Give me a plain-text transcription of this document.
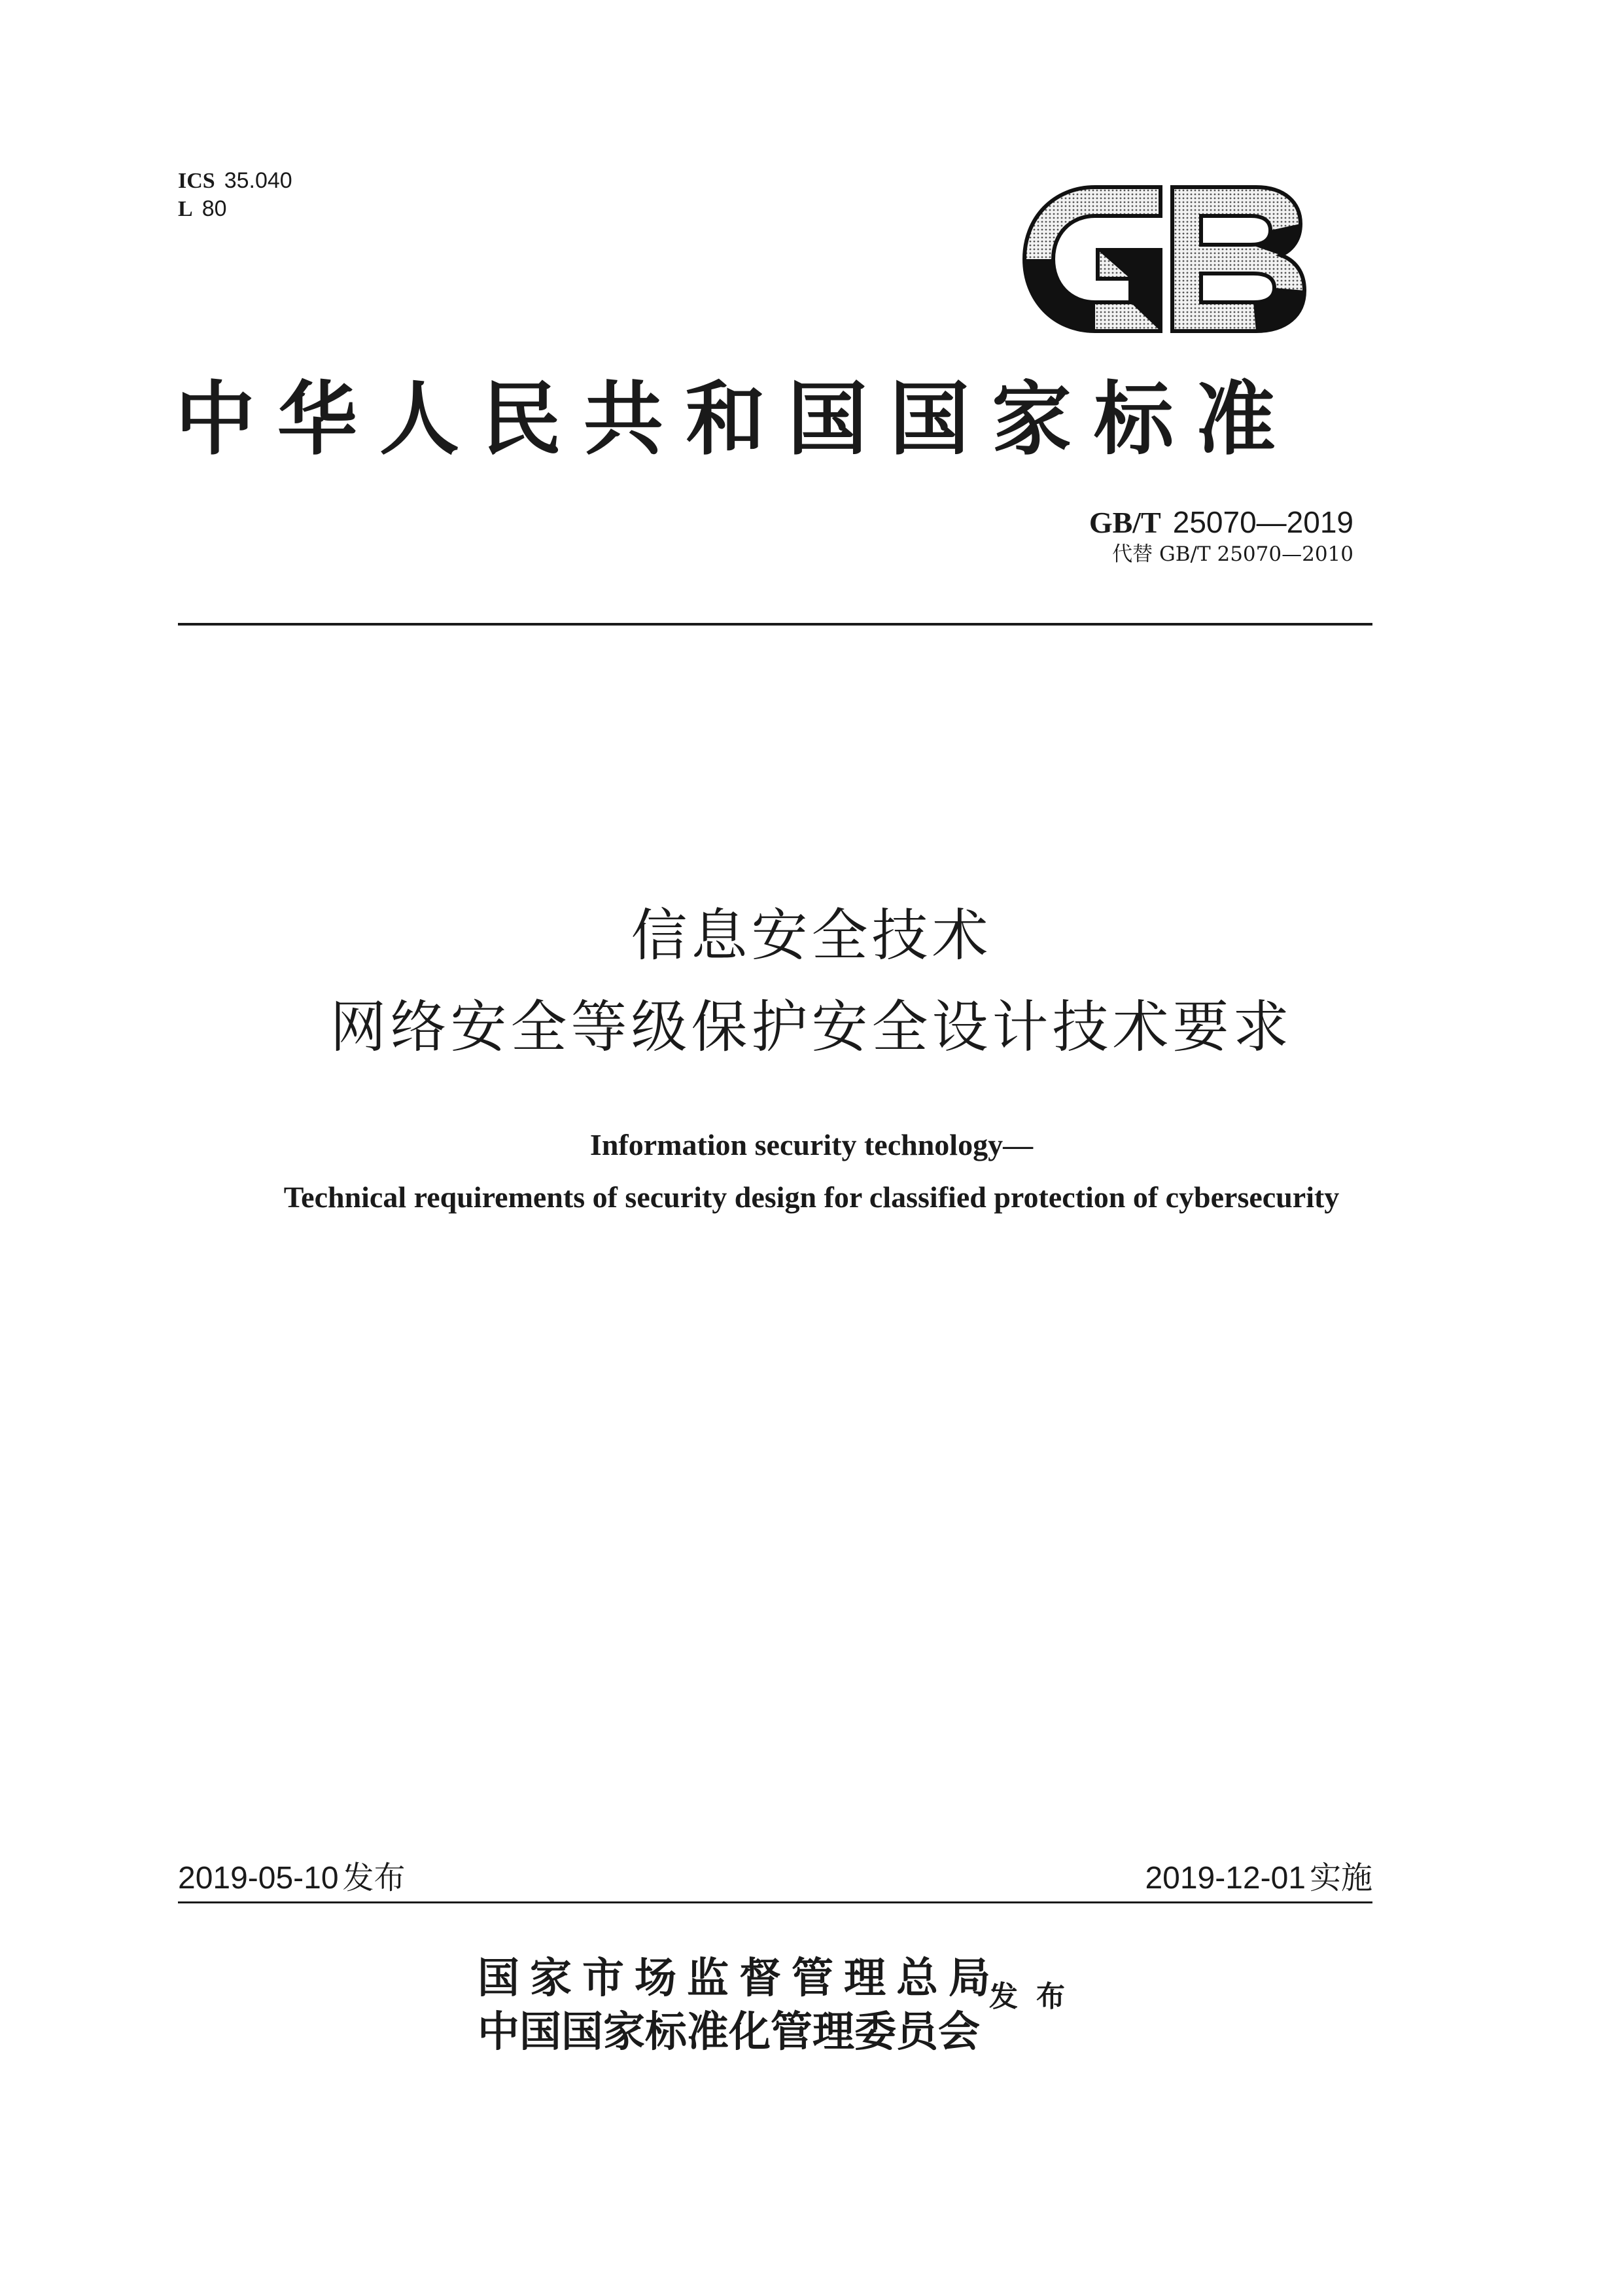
ICS 35.040
L 80
中华人民共和国国家标准
GB/T 25070—2019
代替 GB/T 25070—2010
信息安全技术
网络安全等级保护安全设计技术要求
Information security technology—
Technical requirements of security design for classified protection of cybersecurity
2019-05-10 发布	2019-12-01 实施
国家市场监督管理总局
中国国家标准化管理委员会
发布
